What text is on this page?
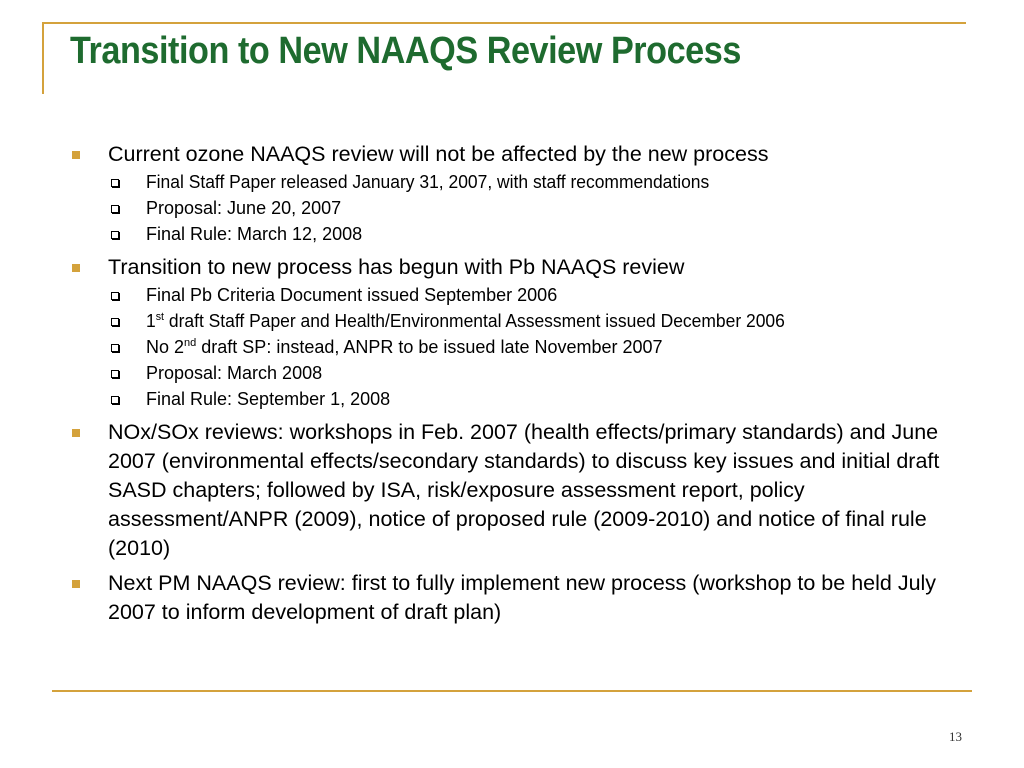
Transition to New NAAQS Review Process
Current ozone NAAQS review will not be affected by the new process
Final Staff Paper released January 31, 2007, with staff recommendations
Proposal: June 20, 2007
Final Rule: March 12, 2008
Transition to new process has begun with Pb NAAQS review
Final Pb Criteria Document issued September 2006
1st draft Staff Paper and Health/Environmental Assessment issued December 2006
No 2nd draft SP: instead, ANPR to be issued late November 2007
Proposal: March 2008
Final Rule: September 1, 2008
NOx/SOx reviews: workshops in Feb. 2007 (health effects/primary standards) and June 2007 (environmental effects/secondary standards) to discuss key issues and initial draft SASD chapters; followed by ISA, risk/exposure assessment report, policy assessment/ANPR (2009), notice of proposed rule (2009-2010) and notice of final rule (2010)
Next PM NAAQS review: first to fully implement new process (workshop to be held July 2007 to inform development of draft plan)
13
